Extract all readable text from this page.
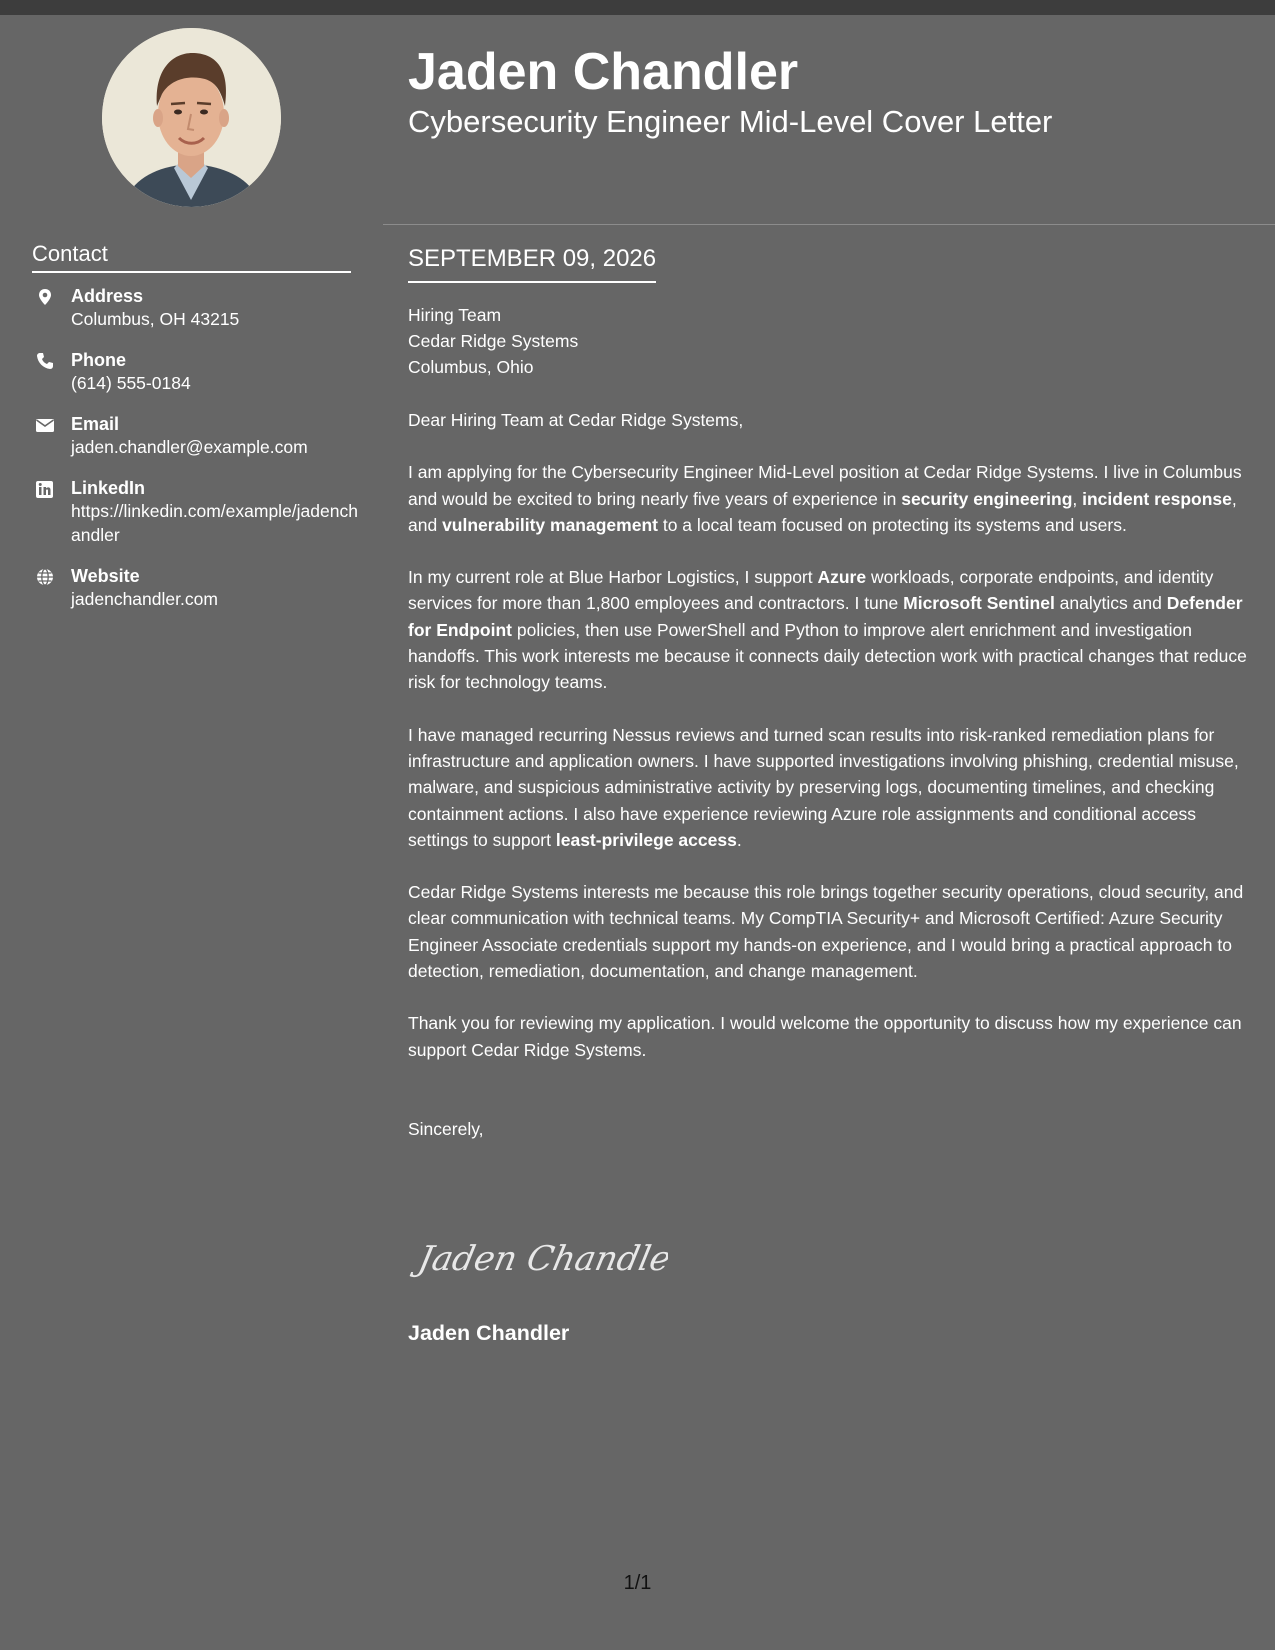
Contact
Address
Columbus, OH 43215
Phone
(614) 555-0184
Email
jaden.chandler@example.com
LinkedIn
https://linkedin.com/example/jadenchandler
Website
jadenchandler.com
Jaden Chandler
Cybersecurity Engineer Mid-Level Cover Letter
SEPTEMBER 09, 2026
Hiring Team
Cedar Ridge Systems
Columbus, Ohio

Dear Hiring Team at Cedar Ridge Systems,

I am applying for the Cybersecurity Engineer Mid-Level position at Cedar Ridge Systems. I live in Columbus and would be excited to bring nearly five years of experience in security engineering, incident response, and vulnerability management to a local team focused on protecting its systems and users.

In my current role at Blue Harbor Logistics, I support Azure workloads, corporate endpoints, and identity services for more than 1,800 employees and contractors. I tune Microsoft Sentinel analytics and Defender for Endpoint policies, then use PowerShell and Python to improve alert enrichment and investigation handoffs. This work interests me because it connects daily detection work with practical changes that reduce risk for technology teams.

I have managed recurring Nessus reviews and turned scan results into risk-ranked remediation plans for infrastructure and application owners. I have supported investigations involving phishing, credential misuse, malware, and suspicious administrative activity by preserving logs, documenting timelines, and checking containment actions. I also have experience reviewing Azure role assignments and conditional access settings to support least-privilege access.

Cedar Ridge Systems interests me because this role brings together security operations, cloud security, and clear communication with technical teams. My CompTIA Security+ and Microsoft Certified: Azure Security Engineer Associate credentials support my hands-on experience, and I would bring a practical approach to detection, remediation, documentation, and change management.

Thank you for reviewing my application. I would welcome the opportunity to discuss how my experience can support Cedar Ridge Systems.

Sincerely,

Jaden Chandler
Jaden Chandler
1/1
